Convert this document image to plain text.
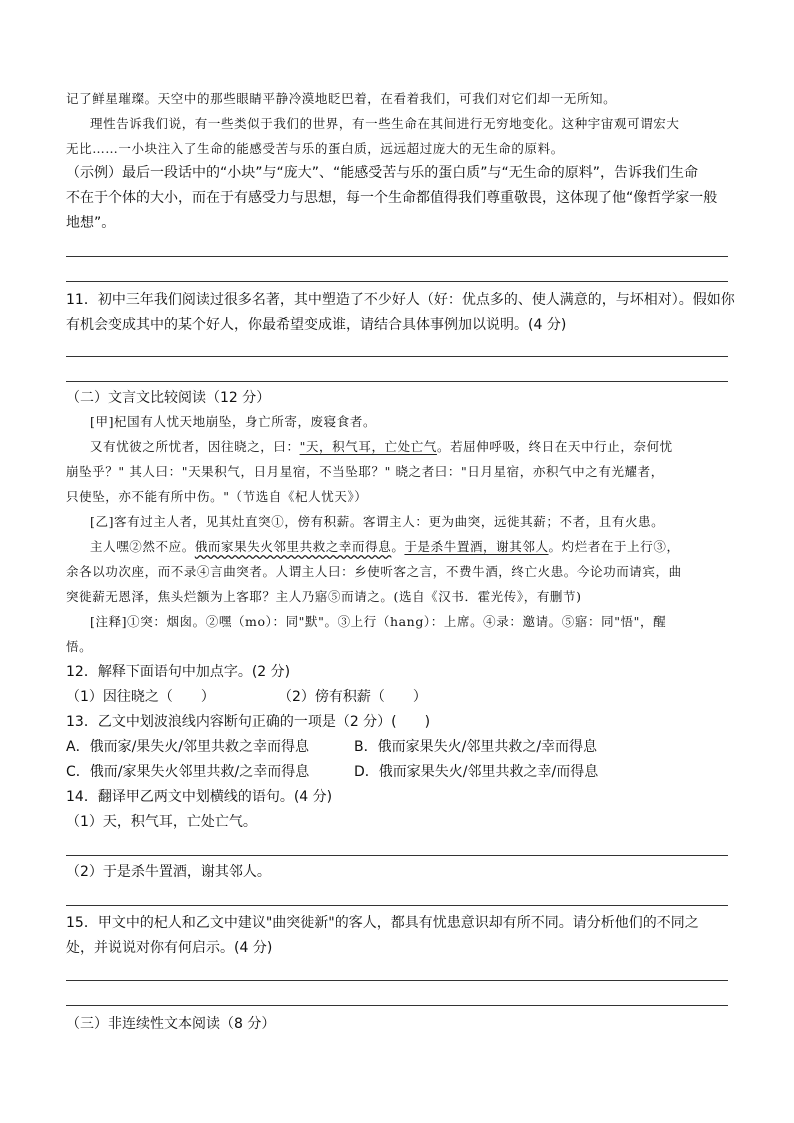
记了鲜星璀璨。天空中的那些眼睛平静冷漠地眨巴着，在看着我们，可我们对它们却一无所知。
理性告诉我们说，有一些类似于我们的世界，有一些生命在其间进行无穷地变化。这种宇宙观可谓宏大
无比……一小块注入了生命的能感受苦与乐的蛋白质，远远超过庞大的无生命的原料。
（示例）最后一段话中的“小块”与“庞大”、“能感受苦与乐的蛋白质”与“无生命的原料”，告诉我们生命
不在于个体的大小，而在于有感受力与思想，每一个生命都值得我们尊重敬畏，这体现了他“像哲学家一般
地想”。
11．初中三年我们阅读过很多名著，其中塑造了不少好人（好：优点多的、使人满意的，与坏相对）。假如你
有机会变成其中的某个好人，你最希望变成谁，请结合具体事例加以说明。(4 分)
（二）文言文比较阅读（12 分）
[甲]杞国有人忧天地崩坠，身亡所寄，废寝食者。
又有忧彼之所忧者，因往晓之，曰："天，积气耳，亡处亡气。若屈伸呼吸，终日在天中行止，奈何忧
崩坠乎？" 其人曰："天果积气，日月星宿，不当坠耶？" 晓之者曰："日月星宿，亦积气中之有光耀者，
只使坠，亦不能有所中伤。"（节选自《杞人忧天》）
[乙]客有过主人者，见其灶直突①，傍有积薪。客谓主人：更为曲突，远徙其薪；不者，且有火患。
主人嘿②然不应。俄而家果失火邻里共救之幸而得息。于是杀牛置酒，谢其邻人。灼烂者在于上行③，
余各以功次座，而不录④言曲突者。人谓主人曰：乡使听客之言，不费牛酒，终亡火患。今论功而请宾，曲
突徙薪无恩泽，焦头烂额为上客耶？主人乃寤⑤而请之。(选自《汉书．霍光传》，有删节)
[注释]①突：烟囱。②嘿（mo）：同"默"。③上行（hang）：上席。④录：邀请。⑤寤：同"悟"，醒
悟。
12．解释下面语句中加点字。(2 分)
（1）因往晓之（　　）	（2）傍有积薪（　　）
13．乙文中划波浪线内容断句正确的一项是（2 分）(　　)
A．俄而家/果失火/邻里共救之幸而得息	B．俄而家果失火/邻里共救之/幸而得息
C．俄而/家果失火邻里共救/之幸而得息	D．俄而家果失火/邻里共救之幸/而得息
14．翻译甲乙两文中划横线的语句。(4 分)
（1）天，积气耳，亡处亡气。
（2）于是杀牛置酒，谢其邻人。
15．甲文中的杞人和乙文中建议"曲突徙新"的客人，都具有忧患意识却有所不同。请分析他们的不同之
处，并说说对你有何启示。(4 分)
（三）非连续性文本阅读（8 分）
